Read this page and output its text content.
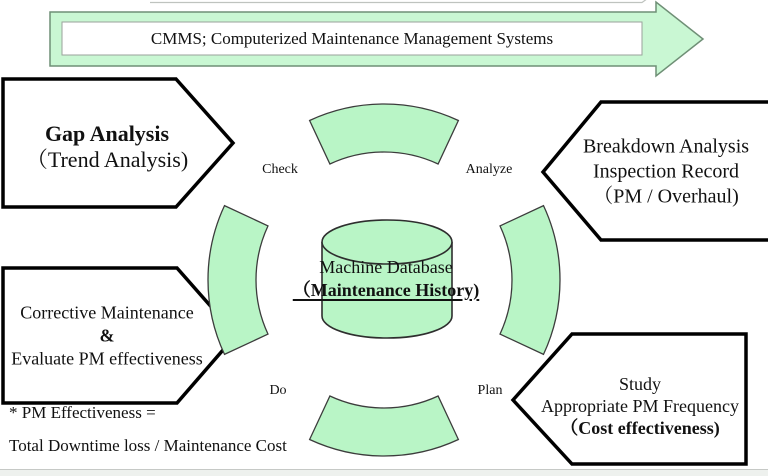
CMMS; Computerized Maintenance Management Systems
Gap Analysis
（Trend Analysis)
Breakdown Analysis
Inspection Record
（PM / Overhaul)
Corrective Maintenance
&
Evaluate PM effectiveness
Study
Appropriate PM Frequency
（Cost effectiveness)
Machine Database
（Maintenance History)
Check	Analyze
Do	Plan
* PM Effectiveness =
Total Downtime loss / Maintenance Cost
